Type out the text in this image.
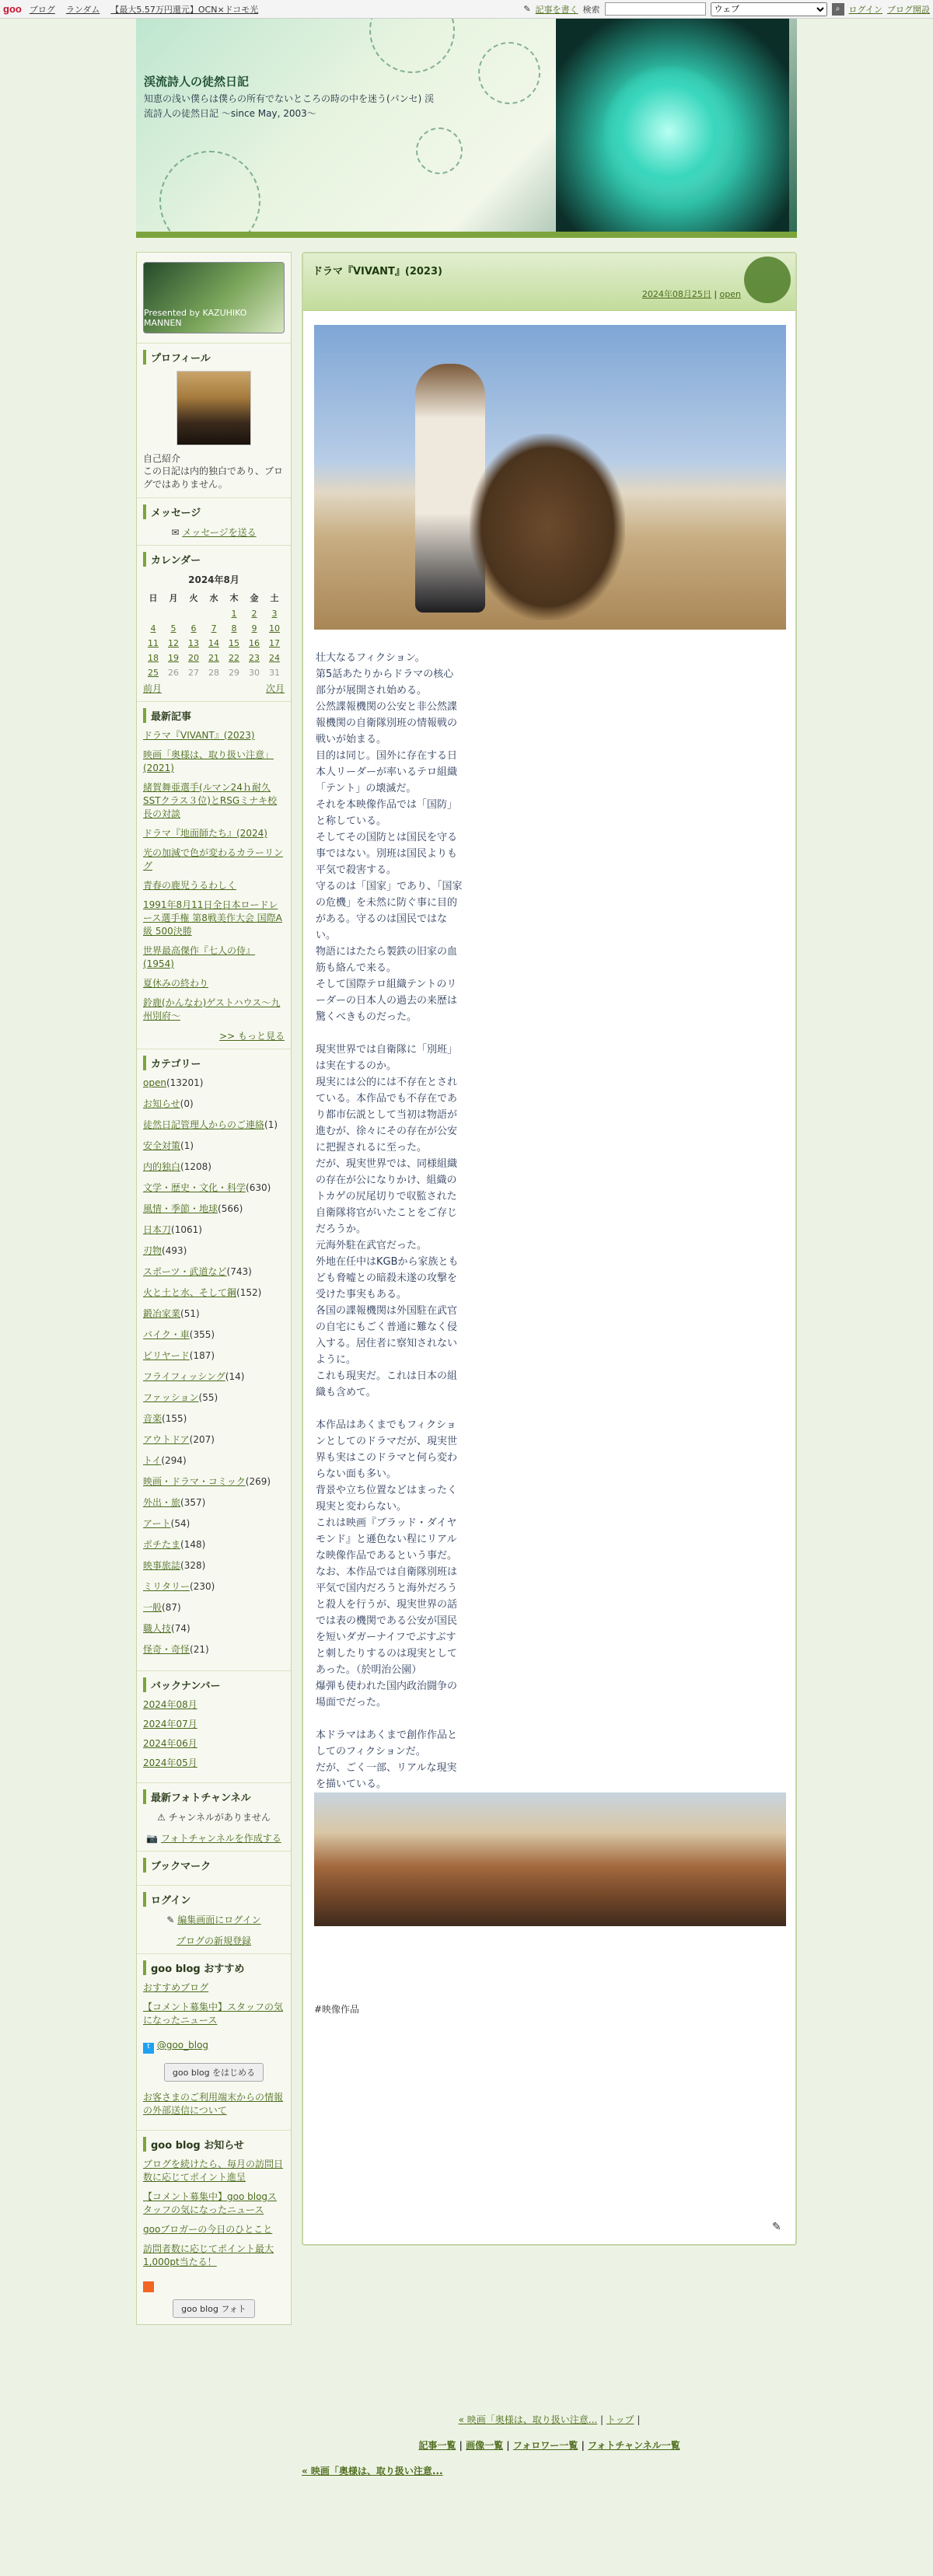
goo ブログ ランダム 【最大5.57万円還元】OCN×ドコモ光	✎ 記事を書く 検索
ウェブ	⌕	ログイン ブログ開設
渓流詩人の徒然日記
知恵の浅い僕らは僕らの所有でないところの時の中を迷う(パンセ) 渓流詩人の徒然日記 〜since May, 2003〜
Presented by KAZUHIKO MANNEN
プロフィール
自己紹介
この日記は内的独白であり、ブログではありません。
メッセージ
✉ メッセージを送る
カレンダー
2024年8月
日	月	火	水	木	金	土
				1	2	3
4	5	6	7	8	9	10
11	12	13	14	15	16	17
18	19	20	21	22	23	24
25	26	27	28	29	30	31
前月	次月
最新記事
ドラマ『VIVANT』(2023)
映画「奥様は、取り扱い注意」(2021)
緒賀舞亜選手(ルマン24ｈ耐久SSTクラス３位)とRSGミナキ校長の対談
ドラマ『地面師たち』(2024)
光の加減で色が変わるカラーリング
青春の鹿児うるわしく
1991年8月11日全日本ロードレース選手権 第8戦美作大会 国際A級 500決勝
世界最高傑作『七人の侍』(1954)
夏休みの終わり
鈴鹿(かんなわ)ゲストハウス〜九州別府〜
>> もっと見る
カテゴリー
open(13201)
お知らせ(0)
徒然日記管理人からのご連絡(1)
安全対策(1)
内的独白(1208)
文学・歴史・文化・科学(630)
風情・季節・地球(566)
日本刀(1061)
刃物(493)
スポーツ・武道など(743)
火と土と水、そして鋼(152)
鍛冶家業(51)
バイク・車(355)
ビリヤード(187)
フライフィッシング(14)
ファッション(55)
音楽(155)
アウトドア(207)
トイ(294)
映画・ドラマ・コミック(269)
外出・旅(357)
アート(54)
ポチたま(148)
映事旅誌(328)
ミリタリー(230)
一般(87)
職人技(74)
怪奇・奇怪(21)
バックナンバー
2024年08月
2024年07月
2024年06月
2024年05月
最新フォトチャンネル
⚠ チャンネルがありません
📷 フォトチャンネルを作成する
ブックマーク
ログイン
✎ 編集画面にログイン
ブログの新規登録
goo blog おすすめ
おすすめブログ
【コメント募集中】スタッフの気になったニュース
t @goo_blog
goo blog をはじめる
お客さまのご利用端末からの情報の外部送信について
goo blog お知らせ
ブログを続けたら、毎月の訪問日数に応じてポイント進呈
【コメント募集中】goo blogスタッフの気になったニュース
gooブロガーの今日のひとこと
訪問者数に応じてポイント最大1,000pt当たる！
goo blog フォト
ドラマ『VIVANT』(2023)
2024年08月25日 | open

壮大なるフィクション。
第5話あたりからドラマの核心部分が展開され始める。
公然諜報機関の公安と非公然諜報機関の自衛隊別班の情報戦の戦いが始まる。
目的は同じ。国外に存在する日本人リーダーが率いるテロ組織「テント」の壊滅だ。
それを本映像作品では「国防」と称している。
そしてその国防とは国民を守る事ではない。別班は国民よりも平気で殺害する。
守るのは「国家」であり、「国家の危機」を未然に防ぐ事に目的がある。守るのは国民ではない。
物語にはたたら製鉄の旧家の血筋も絡んで来る。
そして国際テロ組織テントのリーダーの日本人の過去の来歴は驚くべきものだった。

現実世界では自衛隊に「別班」は実在するのか。
現実には公的には不存在とされている。本作品でも不存在であり都市伝説として当初は物語が進むが、徐々にその存在が公安に把握されるに至った。
だが、現実世界では、同様組織の存在が公になりかけ、組織のトカゲの尻尾切りで収監された自衛隊将官がいたことをご存じだろうか。
元海外駐在武官だった。
外地在任中はKGBから家族ともども脅嘘との暗殺未遂の攻撃を受けた事実もある。
各国の諜報機関は外国駐在武官の自宅にもごく普通に難なく侵入する。居住者に察知されないように。
これも現実だ。これは日本の組織も含めて。

本作品はあくまでもフィクションとしてのドラマだが、現実世界も実はこのドラマと何ら変わらない面も多い。
背景や立ち位置などはまったく現実と変わらない。
これは映画『ブラッド・ダイヤモンド』と遜色ない程にリアルな映像作品であるという事だ。
なお、本作品では自衛隊別班は平気で国内だろうと海外だろうと殺人を行うが、現実世界の話では表の機関である公安が国民を短いダガーナイフでぶすぶすと刺したりするのは現実としてあった。（於明治公園）
爆弾も使われた国内政治闘争の場面でだった。

本ドラマはあくまで創作作品としてのフィクションだ。
だが、ごく一部、リアルな現実を描いている。

#映像作品
✎
« 映画「奥様は、取り扱い注意... | トップ |
記事一覧 | 画像一覧 | フォロワー一覧 | フォトチャンネル一覧
« 映画「奥様は、取り扱い注意...
